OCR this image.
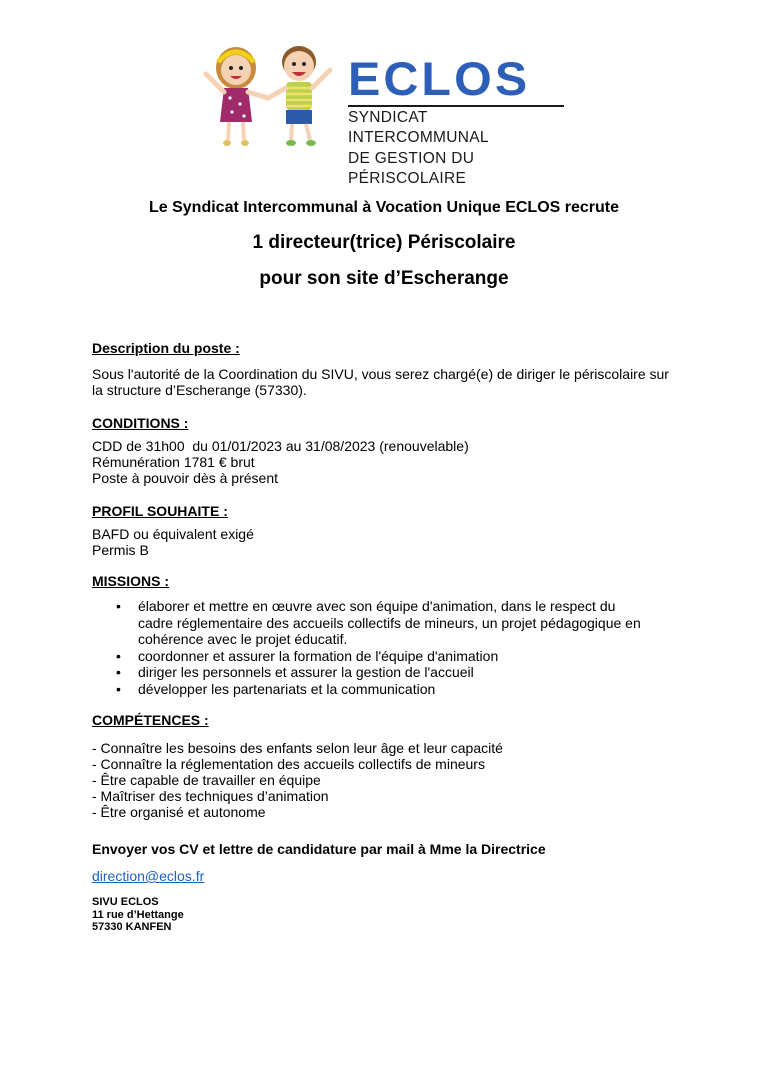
ECLOS
SYNDICAT INTERCOMMUNAL
DE GESTION DU PÉRISCOLAIRE
Le Syndicat Intercommunal à Vocation Unique ECLOS recrute
1 directeur(trice) Périscolaire
pour son site d’Escherange
Description du poste :
Sous l'autorité de la Coordination du SIVU, vous serez chargé(e) de diriger le périscolaire sur
la structure d’Escherange (57330).
CONDITIONS :
CDD de 31h00  du 01/01/2023 au 31/08/2023 (renouvelable)
Rémunération 1781 € brut
Poste à pouvoir dès à présent
PROFIL SOUHAITE :
BAFD ou équivalent exigé
Permis B
MISSIONS :
• élaborer et mettre en œuvre avec son équipe d'animation, dans le respect du
cadre réglementaire des accueils collectifs de mineurs, un projet pédagogique en
cohérence avec le projet éducatif.
• coordonner et assurer la formation de l'équipe d'animation
• diriger les personnels et assurer la gestion de l'accueil
• développer les partenariats et la communication
COMPÉTENCES :
- Connaître les besoins des enfants selon leur âge et leur capacité
- Connaître la réglementation des accueils collectifs de mineurs
- Être capable de travailler en équipe
- Maîtriser des techniques d’animation
- Être organisé et autonome
Envoyer vos CV et lettre de candidature par mail à Mme la Directrice
direction@eclos.fr
SIVU ECLOS
11 rue d’Hettange
57330 KANFEN
